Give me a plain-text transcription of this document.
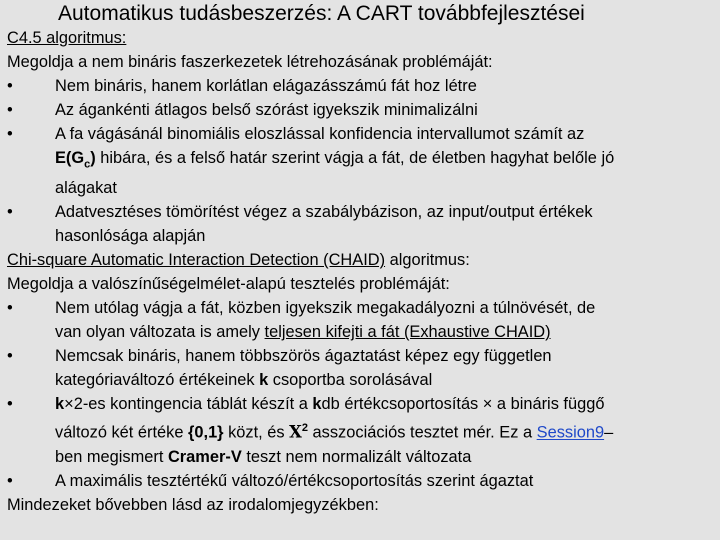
Automatikus tudásbeszerzés: A CART továbbfejlesztései
C4.5 algoritmus:
Megoldja a nem bináris faszerkezetek létrehozásának problémáját:
•	Nem bináris, hanem korlátlan elágazásszámú fát hoz létre
•	Az ágankénti átlagos belső szórást igyekszik minimalizálni
•	A fa vágásánál binomiális eloszlással konfidencia intervallumot számít az
$E(G_c)$ hibára, és a felső határ szerint vágja a fát, de életben hagyhat belőle jó
alágakat
•	Adatvesztéses tömörítést végez a szabálybázison, az input/output értékek
hasonlósága alapján
Chi-square Automatic Interaction Detection (CHAID) algoritmus:
Megoldja a valószínűségelmélet-alapú tesztelés problémáját:
•	Nem utólag vágja a fát, közben igyekszik megakadályozni a túlnövését, de
van olyan változata is amely teljesen kifejti a fát (Exhaustive CHAID)
•	Nemcsak bináris, hanem többszörös ágaztatást képez egy független
kategóriaváltozó értékeinek k csoportba sorolásával
•	k×2-es kontingencia táblát készít a kdb értékcsoportosítás × a bináris függő
változó két értéke {0,1} közt, és $X^2$ asszociációs tesztet mér. Ez a Session9–
ben megismert Cramer-V teszt nem normalizált változata
•	A maximális tesztértékű változó/értékcsoportosítás szerint ágaztat
Mindezeket bővebben lásd az irodalomjegyzékben:
